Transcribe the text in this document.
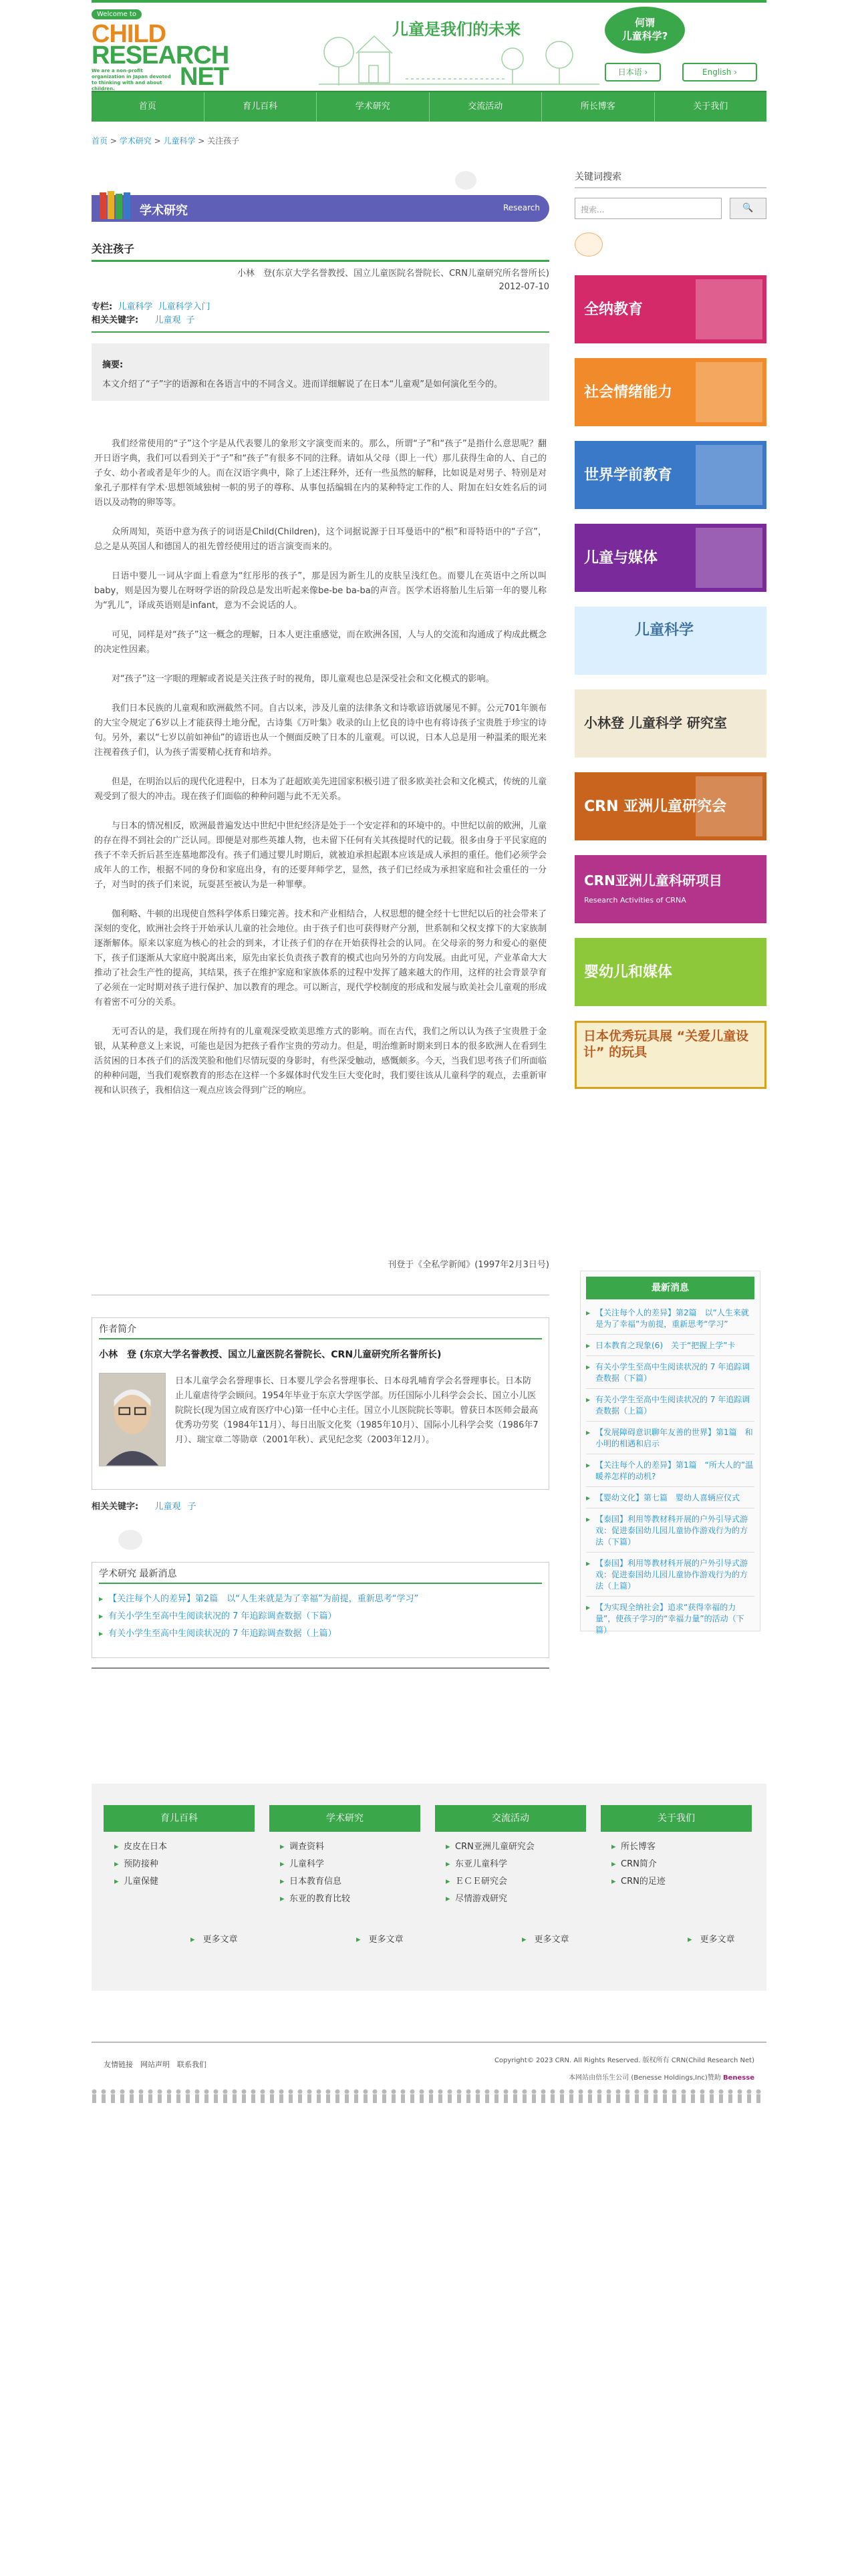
Welcome to
CHILD
RESEARCH
NET
We are a non-profit organization in Japan devoted to thinking with and about children.
儿童是我们的未来	何谓
儿童科学?
日本语 ›	English ›
首页	育儿百科	学术研究	交流活动	所长博客	关于我们
首页 > 学术研究 > 儿童科学 > 关注孩子
学术研究	Research
关注孩子
小林　登(东京大学名誉教授、国立儿童医院名誉院长、CRN儿童研究所名誉所长)
2012-07-10
专栏: 儿童科学 儿童科学入门
相关关键字: 儿童观 子
摘要:
本文介绍了“子”字的语源和在各语言中的不同含义。进而详细解说了在日本“儿童观”是如何演化至今的。

我们经常使用的“子”这个字是从代表婴儿的象形文字演变而来的。那么，所谓“子”和“孩子”是指什么意思呢？翻开日语字典，我们可以看到关于“子”和“孩子”有很多不同的注释。请如从父母（即上一代）那儿获得生命的人、自己的子女、幼小者或者是年少的人。而在汉语字典中，除了上述注释外，还有一些虽然的解释，比如说是对男子、特别是对象孔子那样有学术·思想领域独树一帜的男子的尊称、从事包括编辑在内的某种特定工作的人、附加在妇女姓名后的词语以及动物的卵等等。

众所周知，英语中意为孩子的词语是Child(Children)，这个词据说源于日耳曼语中的“根”和哥特语中的“子宫”，总之是从英国人和德国人的祖先曾经使用过的语言演变而来的。

日语中婴儿一词从字面上看意为“红彤彤的孩子”，那是因为新生儿的皮肤呈浅红色。而婴儿在英语中之所以叫baby，则是因为婴儿在呀呀学语的阶段总是发出听起来像be-be ba-ba的声音。医学术语将胎儿生后第一年的婴儿称为“乳儿”，译成英语则是infant，意为不会说话的人。

可见，同样是对“孩子”这一概念的理解，日本人更注重感觉，而在欧洲各国，人与人的交流和沟通成了构成此概念的决定性因素。

对“孩子”这一字眼的理解或者说是关注孩子时的视角，即儿童观也总是深受社会和文化模式的影响。

我们日本民族的儿童观和欧洲截然不同。自古以来，涉及儿童的法律条文和诗歌谚语就屡见不鲜。公元701年颁布的大宝令规定了6岁以上才能获得土地分配，古诗集《万叶集》收录的山上忆良的诗中也有将诗孩子宝贵胜于珍宝的诗句。另外，素以“七岁以前如神仙”的谚语也从一个侧面反映了日本的儿童观。可以说，日本人总是用一种温柔的眼光来注视着孩子们，认为孩子需要精心抚育和培养。

但是，在明治以后的现代化进程中，日本为了赶超欧美先进国家积极引进了很多欧美社会和文化模式，传统的儿童观受到了很大的冲击。现在孩子们面临的种种问题与此不无关系。

与日本的情况相反，欧洲最普遍发达中世纪中世纪经济是处于一个安定祥和的环境中的。中世纪以前的欧洲，儿童的存在得不到社会的广泛认同。即便是对那些英雄人物，也未留下任何有关其孩提时代的记载。很多由身于平民家庭的孩子不幸夭折后甚至连墓地都没有。孩子们通过婴儿时期后，就被迫承担起跟本应该是成人承担的重任。他们必须学会成年人的工作，根据不同的身份和家庭出身，有的还要拜师学艺，显然，孩子们已经成为承担家庭和社会重任的一分子，对当时的孩子们来说，玩耍甚至被认为是一种罪孽。

伽利略、牛顿的出现使自然科学体系日臻完善。技术和产业相结合，人权思想的健全经十七世纪以后的社会带来了深刻的变化，欧洲社会终于开始承认儿童的社会地位。由于孩子们也可获得财产分割，世系制和父权支撑下的大家族制逐渐解体。原来以家庭为核心的社会的到来，才让孩子们的存在开始获得社会的认同。在父母亲的努力和爱心的驱使下，孩子们逐渐从大家庭中脱离出来，原先由家长负责孩子教育的模式也向另外的方向发展。由此可见，产业革命大大推动了社会生产性的提高，其结果，孩子在维护家庭和家族体系的过程中发挥了越来越大的作用，这样的社会背景孕育了必须在一定时期对孩子进行保护、加以教育的理念。可以断言，现代学校制度的形成和发展与欧美社会儿童观的形成有着密不可分的关系。

无可否认的是，我们现在所持有的儿童观深受欧美思维方式的影响。而在古代，我们之所以认为孩子宝贵胜于金银，从某种意义上来说，可能也是因为把孩子看作宝贵的劳动力。但是，明治维新时期来到日本的很多欧洲人在看到生活贫困的日本孩子们的活泼笑脸和他们尽情玩耍的身影时，有些深受触动，感慨颇多。今天，当我们思考孩子们所面临的种种问题，当我们观察教育的形态在这样一个多媒体时代发生巨大变化时，我们要往该从儿童科学的观点，去重新审视和认识孩子，我相信这一观点应该会得到广泛的响应。

刊登于《全私学新闻》(1997年2月3日号)
作者简介
小林　登 (东京大学名誉教授、国立儿童医院名誉院长、CRN儿童研究所名誉所长)
日本儿童学会名誉理事长、日本婴儿学会名誉理事长、日本母乳哺育学会名誉理事长。日本防止儿童虐待学会顾问。1954年毕业于东京大学医学部。历任国际小儿科学会会长、国立小儿医院院长(现为国立成育医疗中心)第一任中心主任。国立小儿医院院长等职。曾获日本医师会最高优秀功劳奖（1984年11月）、每日出版文化奖（1985年10月）、国际小儿科学会奖（1986年7月）、瑞宝章二等勋章（2001年秋）、武见纪念奖（2003年12月）。
相关关键字: 儿童观 子
学术研究 最新消息
▶ 【关注每个人的差异】第2篇　以“人生来就是为了幸福”为前提，重新思考“学习”
▶ 有关小学生至高中生阅读状况的 7 年追踪调查数据（下篇）
▶ 有关小学生至高中生阅读状况的 7 年追踪调查数据（上篇）
关键词搜索
搜索...	🔍
全纳教育
社会情绪能力
世界学前教育
儿童与媒体
儿童科学
小林登 儿童科学 研究室
CRN 亚洲儿童研究会
CRN亚洲儿童科研项目
Research Activities of CRNA
婴幼儿和媒体
日本优秀玩具展 “关爱儿童设计” 的玩具
最新消息
▶ 【关注每个人的差异】第2篇　以“人生来就是为了幸福”为前提，重新思考“学习”
▶ 日本教育之现象(6)　关于“把握上学”卡
▶ 有关小学生至高中生阅读状况的 7 年追踪调查数据（下篇）
▶ 有关小学生至高中生阅读状况的 7 年追踪调查数据（上篇）
▶ 【发展障碍意识聊年友善的世界】第1篇　和小明的相遇和启示
▶ 【关注每个人的差异】第1篇　“所大人的”温暖养怎样的动机?
▶ 【婴幼文化】第七篇　婴幼人喜辆应仪式
▶ 【泰国】利用等教材科开展的户外引导式游戏：促进泰国幼儿园儿童协作游戏行为的方法（下篇）
▶ 【泰国】利用等教材科开展的户外引导式游戏：促进泰国幼儿园儿童协作游戏行为的方法（上篇）
▶ 【为实现全纳社会】追求“获得幸福的力量”，使孩子学习的“幸福力量”的活动（下篇）
育儿百科
▸ 皮皮在日本
▸ 预防接种
▸ 儿童保健
学术研究
▸ 调查资料
▸ 儿童科学
▸ 日本教育信息
▸ 东亚的教育比较
交流活动
▸ CRN亚洲儿童研究会
▸ 东亚儿童科学
▸ ＥＣＥ研究会
▸ 尽情游戏研究
关于我们
▸ 所长博客
▸ CRN简介
▸ CRN的足迹
▸ 更多文章	▸ 更多文章	▸ 更多文章	▸ 更多文章
友情链接　网站声明　联系我们	Copyright© 2023 CRN. All Rights Reserved. 版权所有 CRN(Child Research Net)
本网站由倍乐生公司 (Benesse Holdings,Inc)赞助 Benesse
